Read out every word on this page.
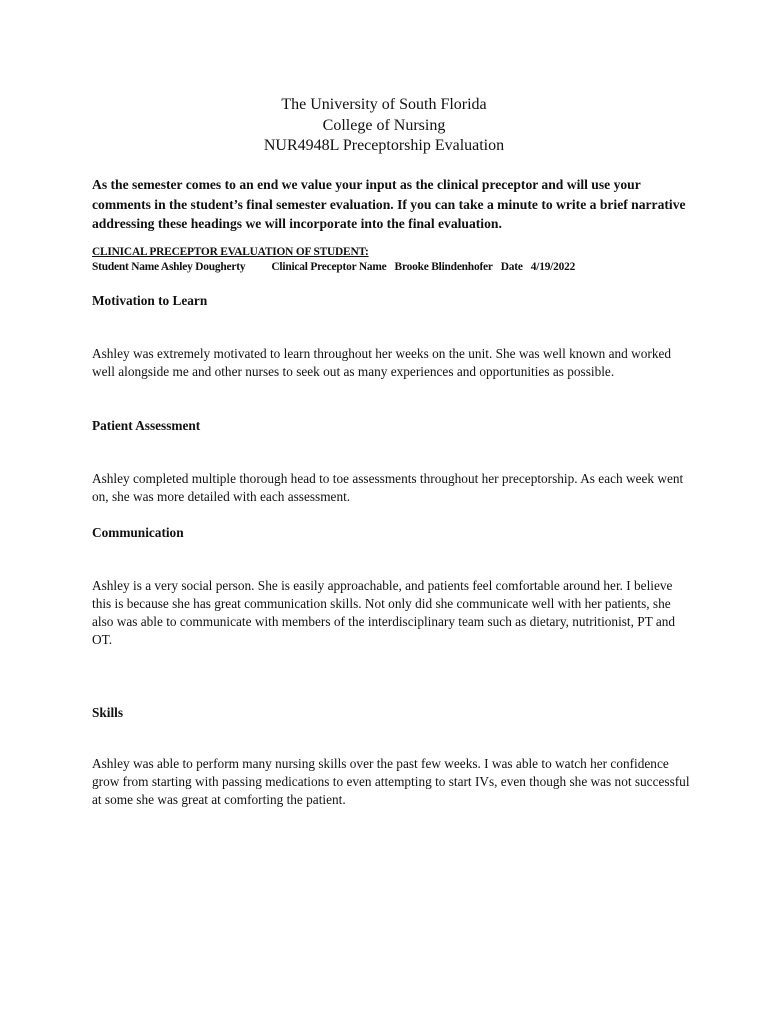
The University of South Florida
College of Nursing
NUR4948L Preceptorship Evaluation
As the semester comes to an end we value your input as the clinical preceptor and will use your comments in the student’s final semester evaluation. If you can take a minute to write a brief narrative addressing these headings we will incorporate into the final evaluation.
CLINICAL PRECEPTOR EVALUATION OF STUDENT:
Student Name Ashley Dougherty Clinical Preceptor Name Brooke Blindenhofer Date 4/19/2022
Motivation to Learn
Ashley was extremely motivated to learn throughout her weeks on the unit. She was well known and worked well alongside me and other nurses to seek out as many experiences and opportunities as possible.
Patient Assessment
Ashley completed multiple thorough head to toe assessments throughout her preceptorship. As each week went on, she was more detailed with each assessment.
Communication
Ashley is a very social person. She is easily approachable, and patients feel comfortable around her. I believe this is because she has great communication skills. Not only did she communicate well with her patients, she also was able to communicate with members of the interdisciplinary team such as dietary, nutritionist, PT and OT.
Skills
Ashley was able to perform many nursing skills over the past few weeks. I was able to watch her confidence grow from starting with passing medications to even attempting to start IVs, even though she was not successful at some she was great at comforting the patient.
